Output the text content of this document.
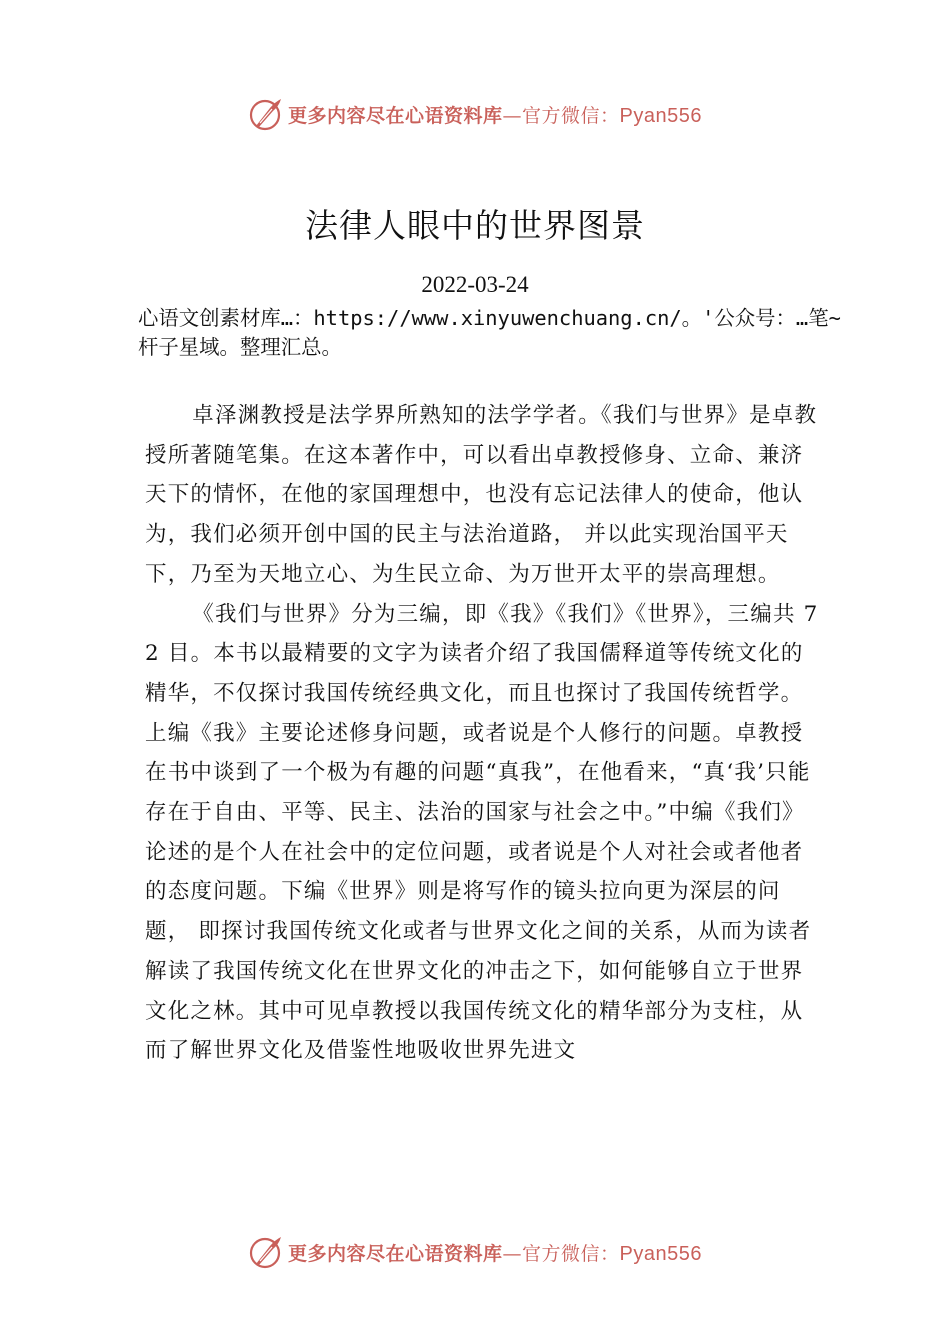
更多内容尽在心语资料库—官方微信：Pyan556
法律人眼中的世界图景
2022-03-24
心语文创素材库…：https://www.xinyuwenchuang.cn/。'公众号：…笔~杆子星域。整理汇总。

卓泽渊教授是法学界所熟知的法学学者。《我们与世界》是卓教授所著随笔集。在这本著作中，可以看出卓教授修身、立命、兼济天下的情怀，在他的家国理想中，也没有忘记法律人的使命，他认为，我们必须开创中国的民主与法治道路， 并以此实现治国平天下，乃至为天地立心、为生民立命、为万世开太平的崇高理想。

《我们与世界》分为三编，即《我》《我们》《世界》，三编共 72 目。本书以最精要的文字为读者介绍了我国儒释道等传统文化的精华，不仅探讨我国传统经典文化，而且也探讨了我国传统哲学。上编《我》主要论述修身问题，或者说是个人修行的问题。卓教授在书中谈到了一个极为有趣的问题“真我”，在他看来，“真‘我’只能存在于自由、平等、民主、法治的国家与社会之中。”中编《我们》论述的是个人在社会中的定位问题，或者说是个人对社会或者他者的态度问题。下编《世界》则是将写作的镜头拉向更为深层的问题， 即探讨我国传统文化或者与世界文化之间的关系，从而为读者解读了我国传统文化在世界文化的冲击之下，如何能够自立于世界文化之林。其中可见卓教授以我国传统文化的精华部分为支柱，从而了解世界文化及借鉴性地吸收世界先进文

更多内容尽在心语资料库—官方微信：Pyan556
